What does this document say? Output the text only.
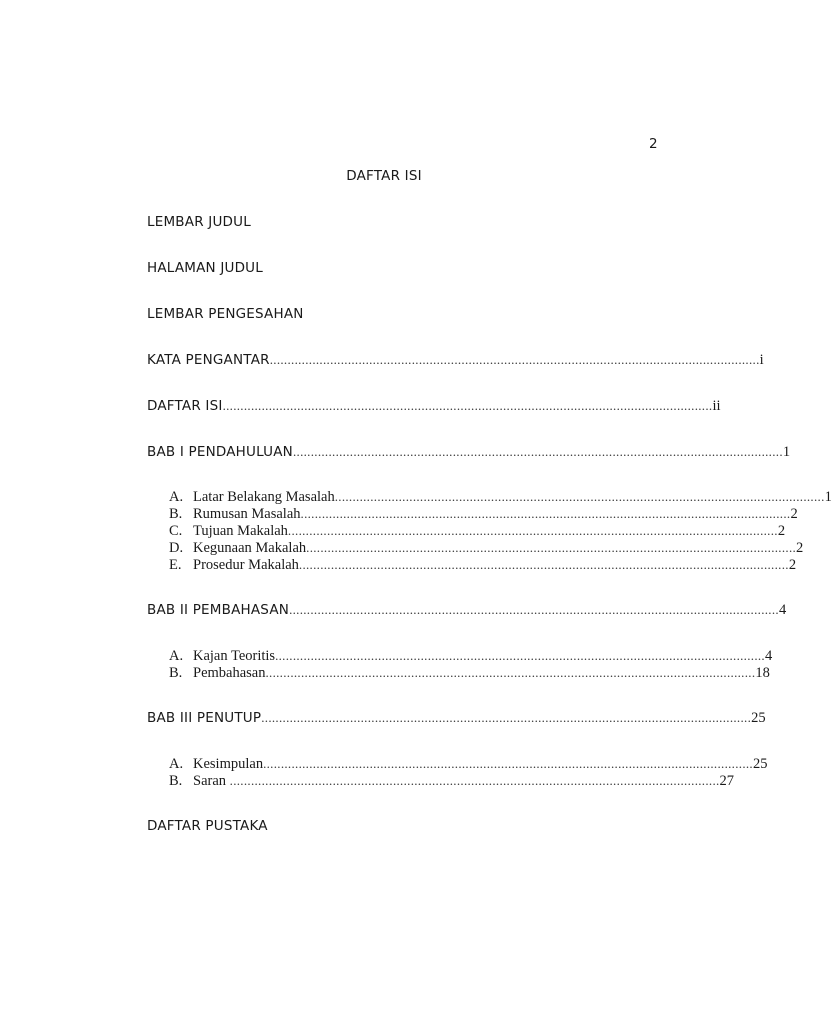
2
DAFTAR ISI
LEMBAR JUDUL
HALAMAN JUDUL
LEMBAR PENGESAHAN
KATA PENGANTAR .......................................................................................................................................... i
DAFTAR ISI .......................................................................................................................................... ii
BAB I PENDAHULUAN .......................................................................................................................................... 1
A. Latar Belakang Masalah .......................................................................................................................................... 1
B. Rumusan Masalah .......................................................................................................................................... 2
C. Tujuan Makalah .......................................................................................................................................... 2
D. Kegunaan Makalah .......................................................................................................................................... 2
E. Prosedur Makalah .......................................................................................................................................... 2
BAB II PEMBAHASAN .......................................................................................................................................... 4
A. Kajan Teoritis .......................................................................................................................................... 4
B. Pembahasan .......................................................................................................................................... 18
BAB III PENUTUP .......................................................................................................................................... 25
A. Kesimpulan .......................................................................................................................................... 25
B. Saran .......................................................................................................................................... 27
DAFTAR PUSTAKA
